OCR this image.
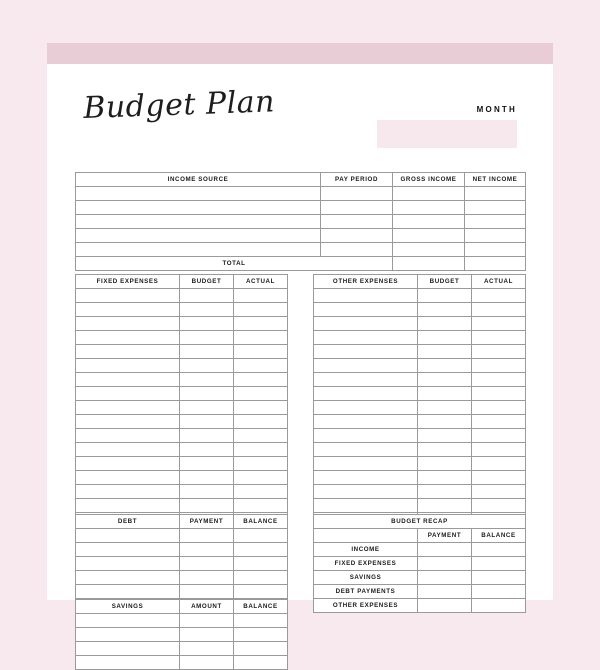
Budget Plan	MONTH
INCOME SOURCE	PAY PERIOD	GROSS INCOME	NET INCOME

TOTAL			
FIXED EXPENSES	BUDGET	ACTUAL

			OTHER EXPENSES	BUDGET	ACTUAL

DEBT	PAYMENT	BALANCE

SAVINGS	AMOUNT	BALANCE

BUDGET RECAP		
	PAYMENT	BALANCE
INCOME		
FIXED EXPENSES		
SAVINGS		
DEBT PAYMENTS		
OTHER EXPENSES		
